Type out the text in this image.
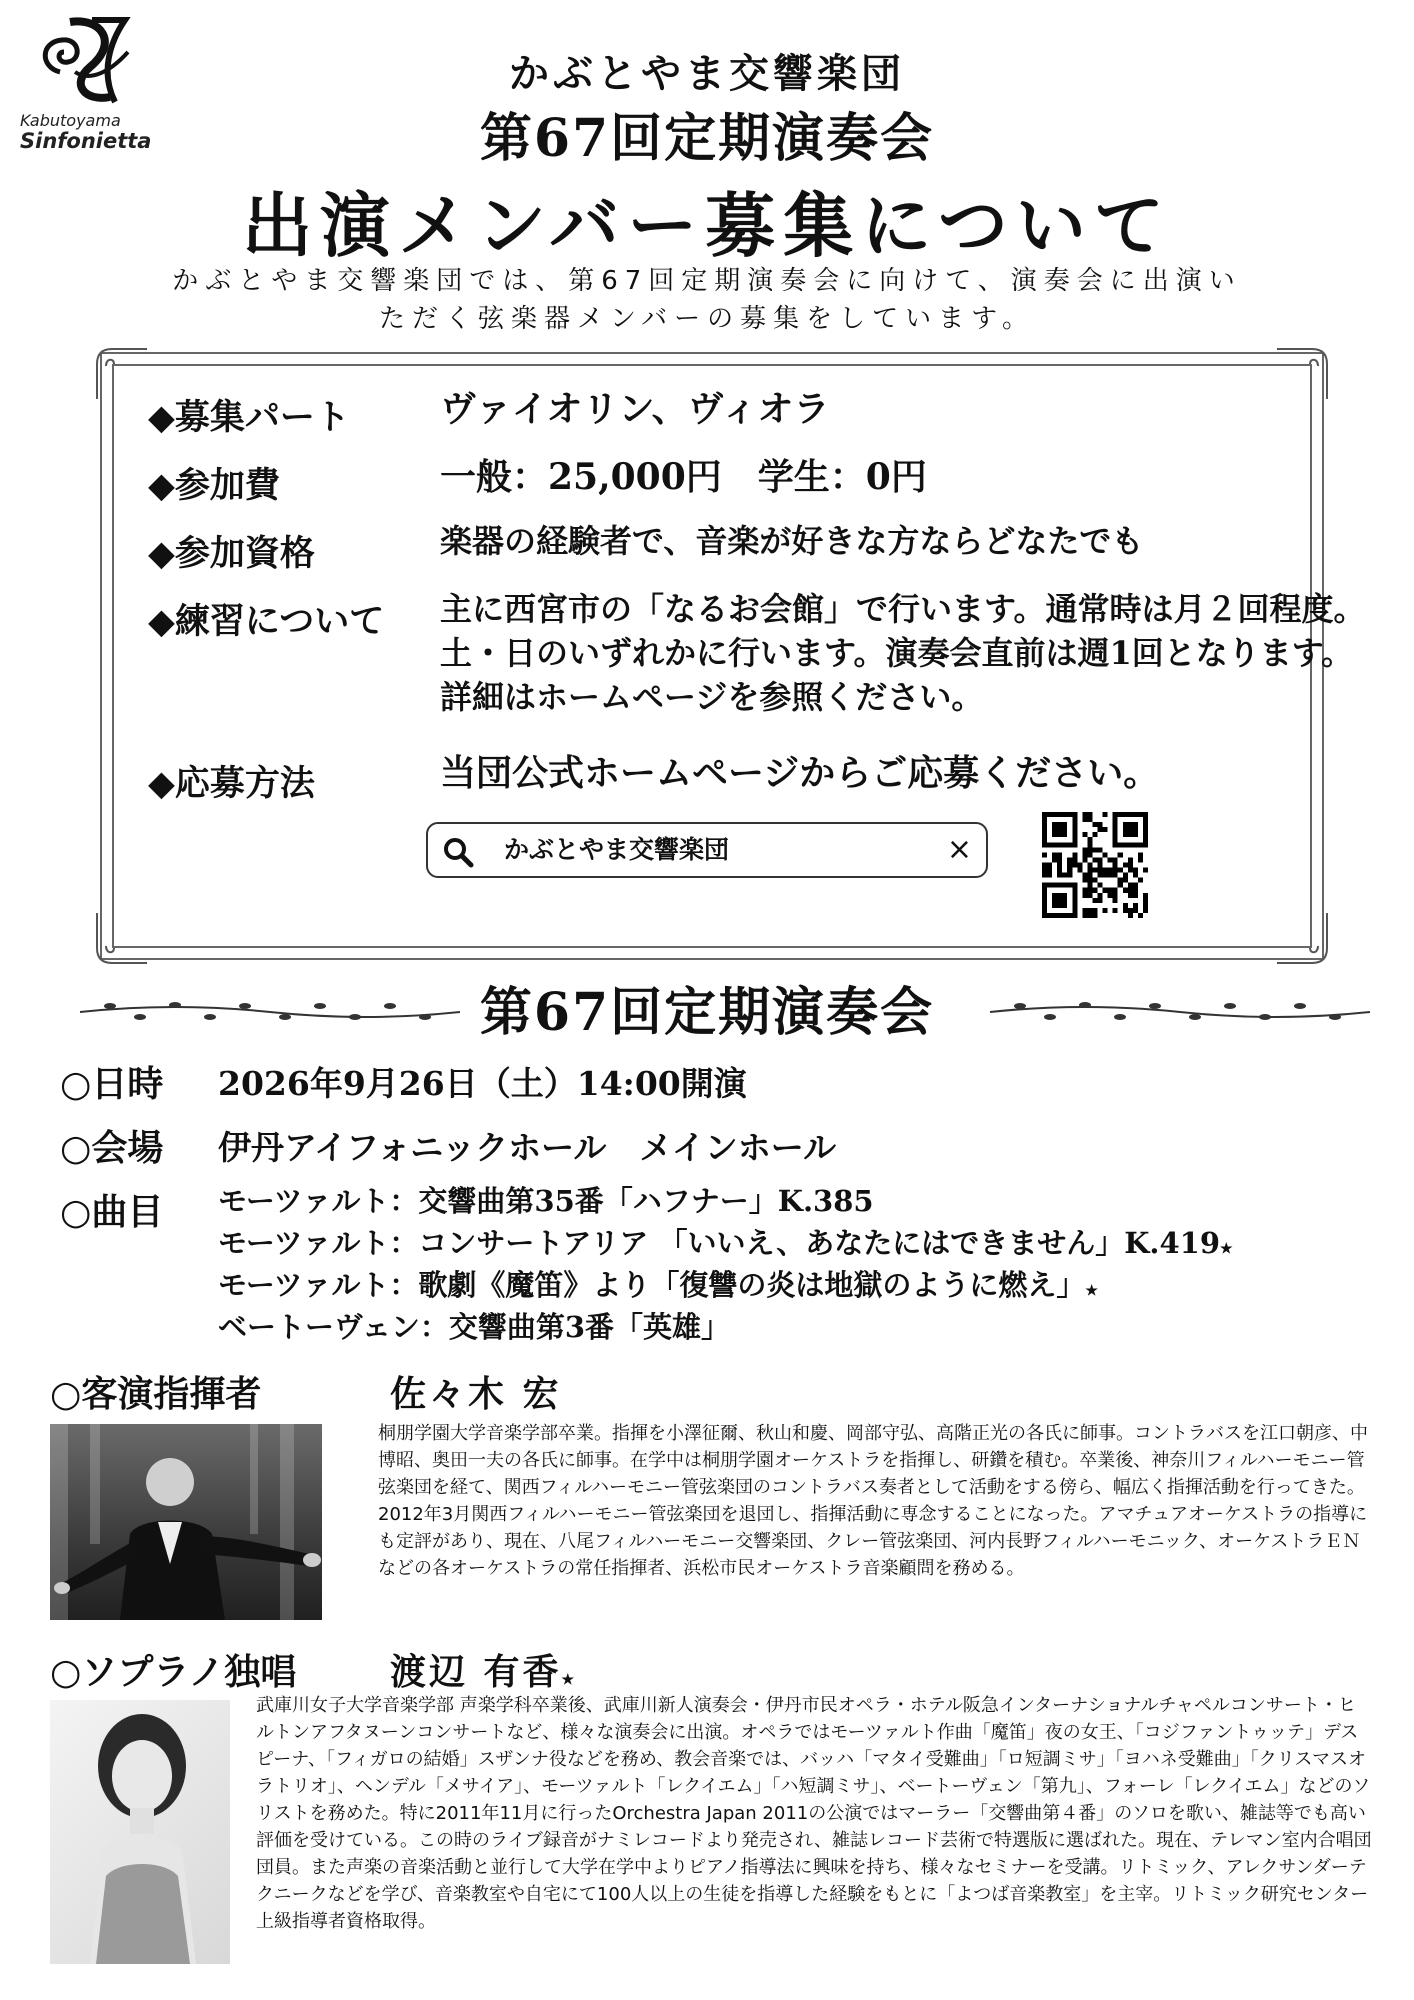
Kabutoyama
Sinfonietta
かぶとやま交響楽団
第67回定期演奏会
出演メンバー募集について
かぶとやま交響楽団では、第67回定期演奏会に向けて、演奏会に出演い
ただく弦楽器メンバーの募集をしています。
◆募集パート	ヴァイオリン、ヴィオラ
◆参加費	一般：25,000円　学生：0円
◆参加資格	楽器の経験者で、音楽が好きな方ならどなたでも
◆練習について 主に西宮市の「なるお会館」で行います。通常時は月２回程度。
土・日のいずれかに行います。演奏会直前は週1回となります。
詳細はホームページを参照ください。
◆応募方法	当団公式ホームページからご応募ください。
かぶとやま交響楽団	×
第67回定期演奏会
○日時 2026年9月26日（土）14:00開演
○会場 伊丹アイフォニックホール　メインホール
○曲目 モーツァルト：交響曲第35番「ハフナー」K.385
モーツァルト：コンサートアリア 「いいえ、あなたにはできません」K.419★
モーツァルト：歌劇《魔笛》より「復讐の炎は地獄のように燃え」★
ベートーヴェン：交響曲第3番「英雄」
○客演指揮者	佐々木 宏
桐朋学園大学音楽学部卒業。指揮を小澤征爾、秋山和慶、岡部守弘、高階正光の各氏に師事。コントラバスを江口朝彦、中博昭、奥田一夫の各氏に師事。在学中は桐朋学園オーケストラを指揮し、研鑽を積む。卒業後、神奈川フィルハーモニー管弦楽団を経て、関西フィルハーモニー管弦楽団のコントラバス奏者として活動をする傍ら、幅広く指揮活動を行ってきた。2012年3月関西フィルハーモニー管弦楽団を退団し、指揮活動に専念することになった。アマチュアオーケストラの指導にも定評があり、現在、八尾フィルハーモニー交響楽団、クレー管弦楽団、河内長野フィルハーモニック、オーケストラＥＮなどの各オーケストラの常任指揮者、浜松市民オーケストラ音楽顧問を務める。
○ソプラノ独唱	渡辺 有香★
武庫川女子大学音楽学部 声楽学科卒業後、武庫川新人演奏会・伊丹市民オペラ・ホテル阪急インターナショナルチャペルコンサート・ヒルトンアフタヌーンコンサートなど、様々な演奏会に出演。オペラではモーツァルト作曲「魔笛」夜の女王、「コジファントゥッテ」デスピーナ、「フィガロの結婚」スザンナ役などを務め、教会音楽では、バッハ「マタイ受難曲」「ロ短調ミサ」「ヨハネ受難曲」「クリスマスオラトリオ」、ヘンデル「メサイア」、モーツァルト「レクイエム」「ハ短調ミサ」、ベートーヴェン「第九」、フォーレ「レクイエム」などのソリストを務めた。特に2011年11月に行ったOrchestra Japan 2011の公演ではマーラー「交響曲第４番」のソロを歌い、雑誌等でも高い評価を受けている。この時のライブ録音がナミレコードより発売され、雑誌レコード芸術で特選版に選ばれた。現在、テレマン室内合唱団団員。また声楽の音楽活動と並行して大学在学中よりピアノ指導法に興味を持ち、様々なセミナーを受講。リトミック、アレクサンダーテクニークなどを学び、音楽教室や自宅にて100人以上の生徒を指導した経験をもとに「よつば音楽教室」を主宰。リトミック研究センター上級指導者資格取得。
